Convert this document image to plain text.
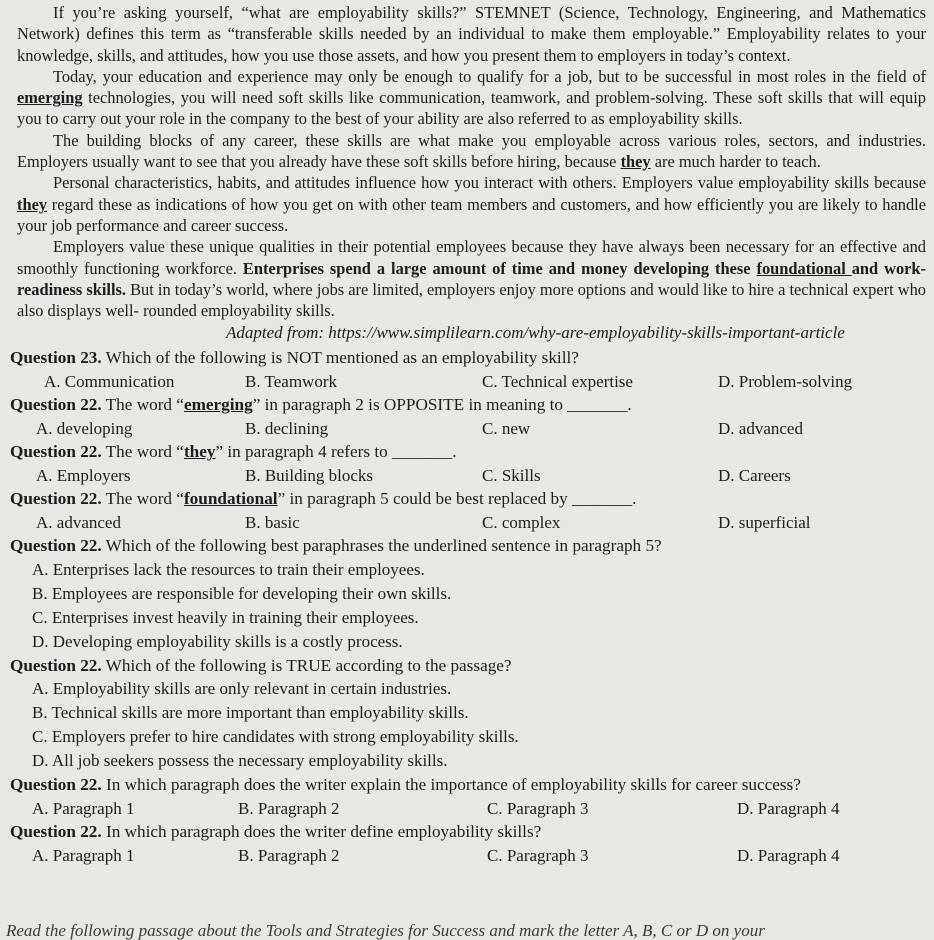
If you’re asking yourself, “what are employability skills?” STEMNET (Science, Technology, Engineering, and Mathematics Network) defines this term as “transferable skills needed by an individual to make them employable.” Employability relates to your knowledge, skills, and attitudes, how you use those assets, and how you present them to employers in today’s context.

Today, your education and experience may only be enough to qualify for a job, but to be successful in most roles in the field of emerging technologies, you will need soft skills like communication, teamwork, and problem-solving. These soft skills that will equip you to carry out your role in the company to the best of your ability are also referred to as employability skills.

The building blocks of any career, these skills are what make you employable across various roles, sectors, and industries. Employers usually want to see that you already have these soft skills before hiring, because they are much harder to teach.

Personal characteristics, habits, and attitudes influence how you interact with others. Employers value employability skills because they regard these as indications of how you get on with other team members and customers, and how efficiently you are likely to handle your job performance and career success.

Employers value these unique qualities in their potential employees because they have always been necessary for an effective and smoothly functioning workforce. Enterprises spend a large amount of time and money developing these foundational and work-readiness skills. But in today’s world, where jobs are limited, employers enjoy more options and would like to hire a technical expert who also displays well- rounded employability skills.

Adapted from: https://www.simplilearn.com/why-are-employability-skills-important-article
Question 23. Which of the following is NOT mentioned as an employability skill?
A. Communication	B. Teamwork	C. Technical expertise	D. Problem-solving
Question 22. The word “emerging” in paragraph 2 is OPPOSITE in meaning to _______.
A. developing	B. declining	C. new	D. advanced
Question 22. The word “they” in paragraph 4 refers to _______.
A. Employers	B. Building blocks	C. Skills	D. Careers
Question 22. The word “foundational” in paragraph 5 could be best replaced by _______.
A. advanced	B. basic	C. complex	D. superficial
Question 22. Which of the following best paraphrases the underlined sentence in paragraph 5?
A. Enterprises lack the resources to train their employees.
B. Employees are responsible for developing their own skills.
C. Enterprises invest heavily in training their employees.
D. Developing employability skills is a costly process.
Question 22. Which of the following is TRUE according to the passage?
A. Employability skills are only relevant in certain industries.
B. Technical skills are more important than employability skills.
C. Employers prefer to hire candidates with strong employability skills.
D. All job seekers possess the necessary employability skills.
Question 22. In which paragraph does the writer explain the importance of employability skills for career success?
A. Paragraph 1	B. Paragraph 2	C. Paragraph 3	D. Paragraph 4
Question 22. In which paragraph does the writer define employability skills?
A. Paragraph 1	B. Paragraph 2	C. Paragraph 3	D. Paragraph 4
Read the following passage about the Tools and Strategies for Success and mark the letter A, B, C or D on your
